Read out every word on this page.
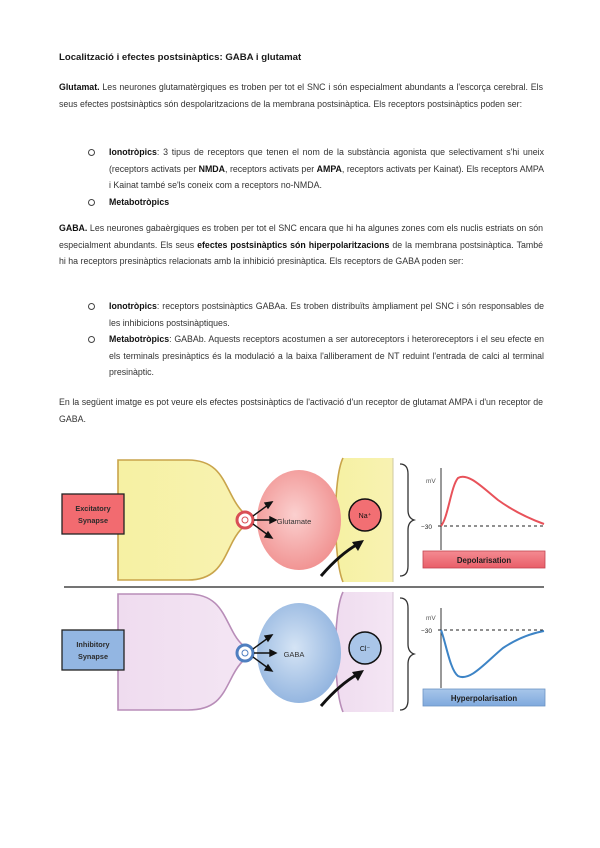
Localització i efectes postsinàptics: GABA i glutamat

Glutamat. Les neurones glutamatèrgiques es troben per tot el SNC i són especialment abundants a l'escorça cerebral. Els seus efectes postsinàptics són despolaritzacions de la membrana postsinàptica. Els receptors postsinàptics poden ser:

Ionotròpics: 3 tipus de receptors que tenen el nom de la substància agonista que selectivament s'hi uneix (receptors activats per NMDA, receptors activats per AMPA, receptors activats per Kainat). Els receptors AMPA i Kainat també se'ls coneix com a receptors no-NMDA.
Metabotròpics

GABA. Les neurones gabaèrgiques es troben per tot el SNC encara que hi ha algunes zones com els nuclis estriats on són especialment abundants. Els seus efectes postsinàptics són hiperpolaritzacions de la membrana postsinàptica. També hi ha receptors presinàptics relacionats amb la inhibició presinàptica. Els receptors de GABA poden ser:

Ionotròpics: receptors postsinàptics GABAa. Es troben distribuïts àmpliament pel SNC i són responsables de les inhibicions postsinàptiques.
Metabotròpics: GABAb. Aquests receptors acostumen a ser autoreceptors i heteroreceptors i el seu efecte en els terminals presinàptics és la modulació a la baixa l'alliberament de NT reduint l'entrada de calci al terminal presinàptic.

En la següent imatge es pot veure els efectes postsinàptics de l'activació d'un receptor de glutamat AMPA i d'un receptor de GABA.

Glutamate
Na⁺
Excitatory
Synapse
mV
−30
Depolarisation
GABA
Cl⁻
Inhibitory
Synapse
mV
−30
Hyperpolarisation
